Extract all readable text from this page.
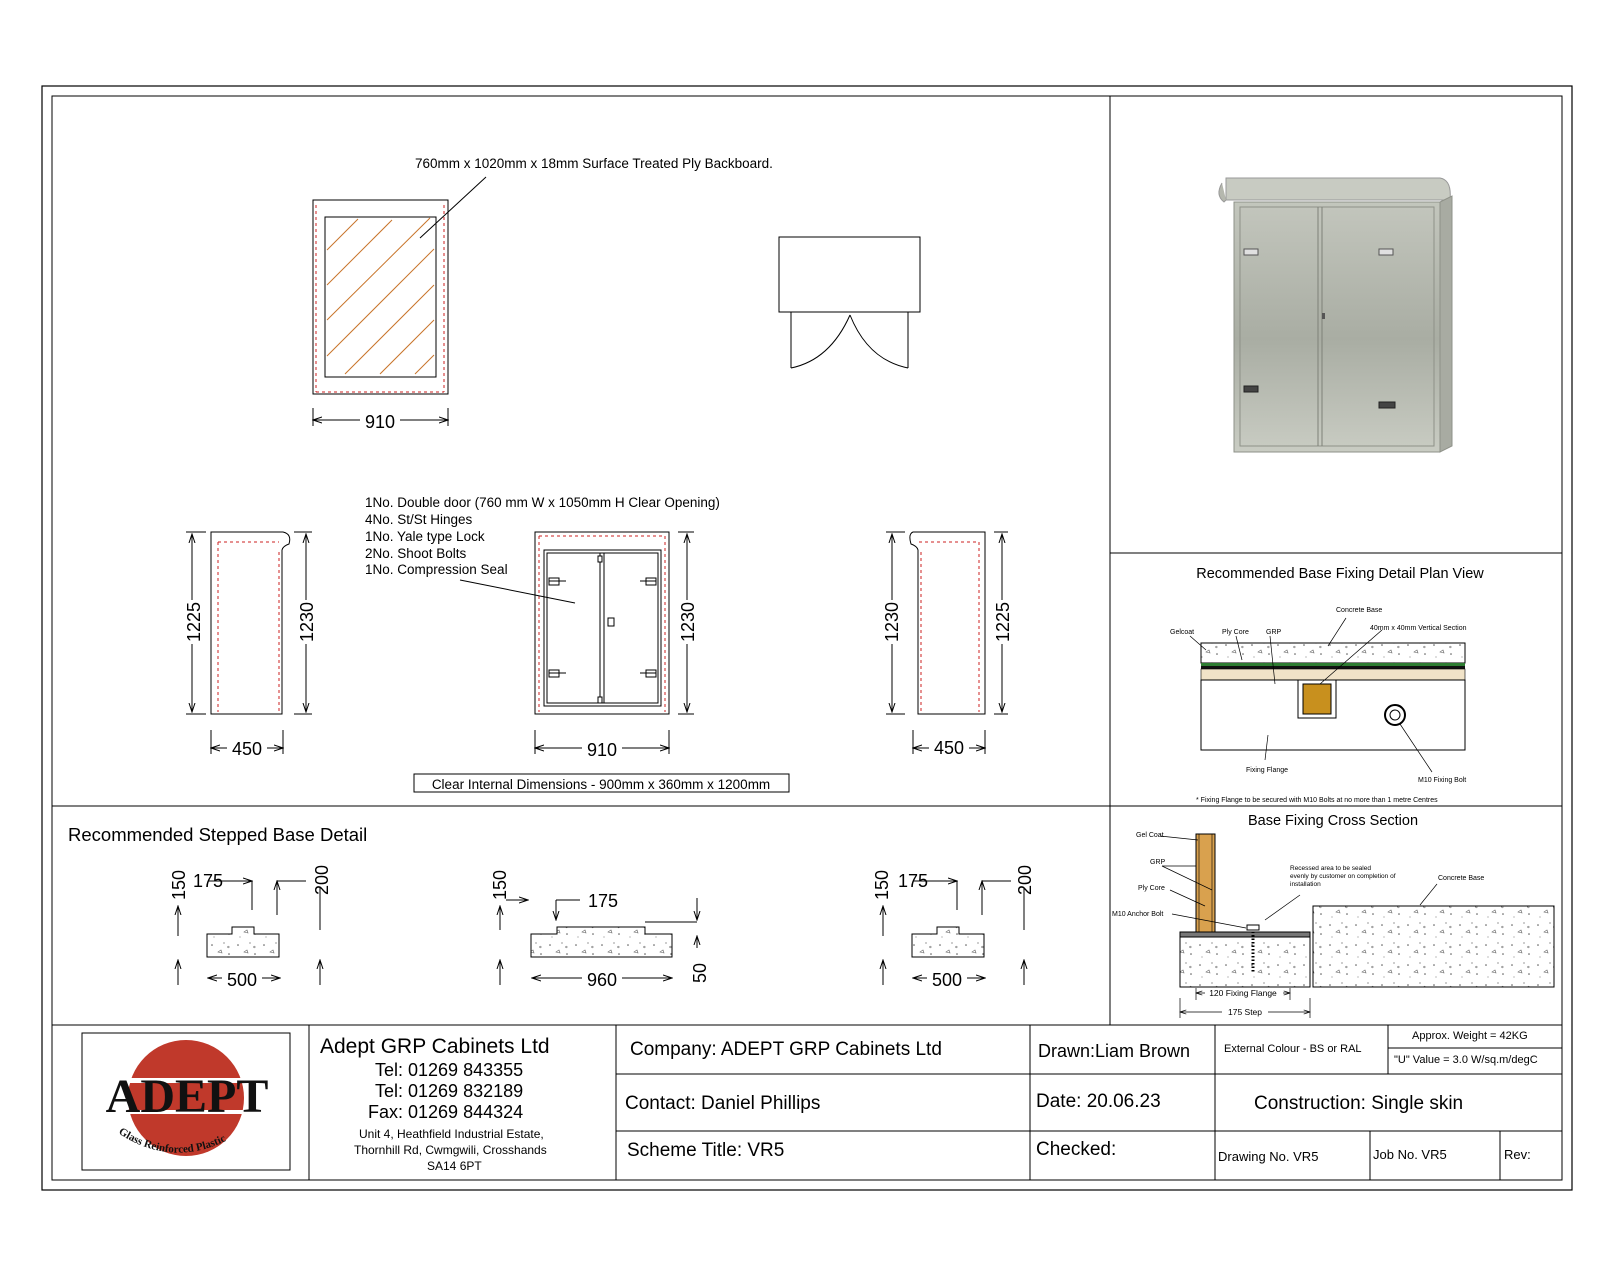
910
1225	1230
450
1230
910
Clear Internal Dimensions - 900mm x 360mm x 1200mm
1No. Double door (760 mm W x 1050mm H Clear Opening)
4No. St/St Hinges
1No. Yale type Lock
2No. Shoot Bolts
1No. Compression Seal
760mm x 1020mm x 18mm Surface Treated Ply Backboard.
1230	1225
450
Recommended Base Fixing Detail Plan View
Gelcoat	Ply Core GRP
Concrete Base
40mm x 40mm Vertical Section
Fixing Flange
M10 Fixing Bolt
* Fixing Flange to be secured with M10 Bolts at no more than 1 metre Centres
Recommended Stepped Base Detail
500
175
150	200
960
175
150
50	500
175
150	200
Base Fixing Cross Section
Gel Coat
GRP
Ply Core
M10 Anchor Bolt
Recessed area to be sealed
evenly by customer on completion of
installation
Concrete Base
120 Fixing Flange
175 Step
ADEPT
Glass Reinforced Plastic
Adept GRP Cabinets Ltd
Tel: 01269 843355
Tel: 01269 832189
Fax: 01269 844324
Unit 4, Heathfield Industrial Estate,
Thornhill Rd, Cwmgwili, Crosshands
SA14 6PT
Company: ADEPT GRP Cabinets Ltd
Contact: Daniel Phillips
Scheme Title: VR5
Drawn:Liam Brown
Date: 20.06.23
Checked:
External Colour - BS or RAL
Approx. Weight = 42KG
"U" Value = 3.0 W/sq.m/degC
Construction: Single skin
Drawing No. VR5	Job No. VR5	Rev:
